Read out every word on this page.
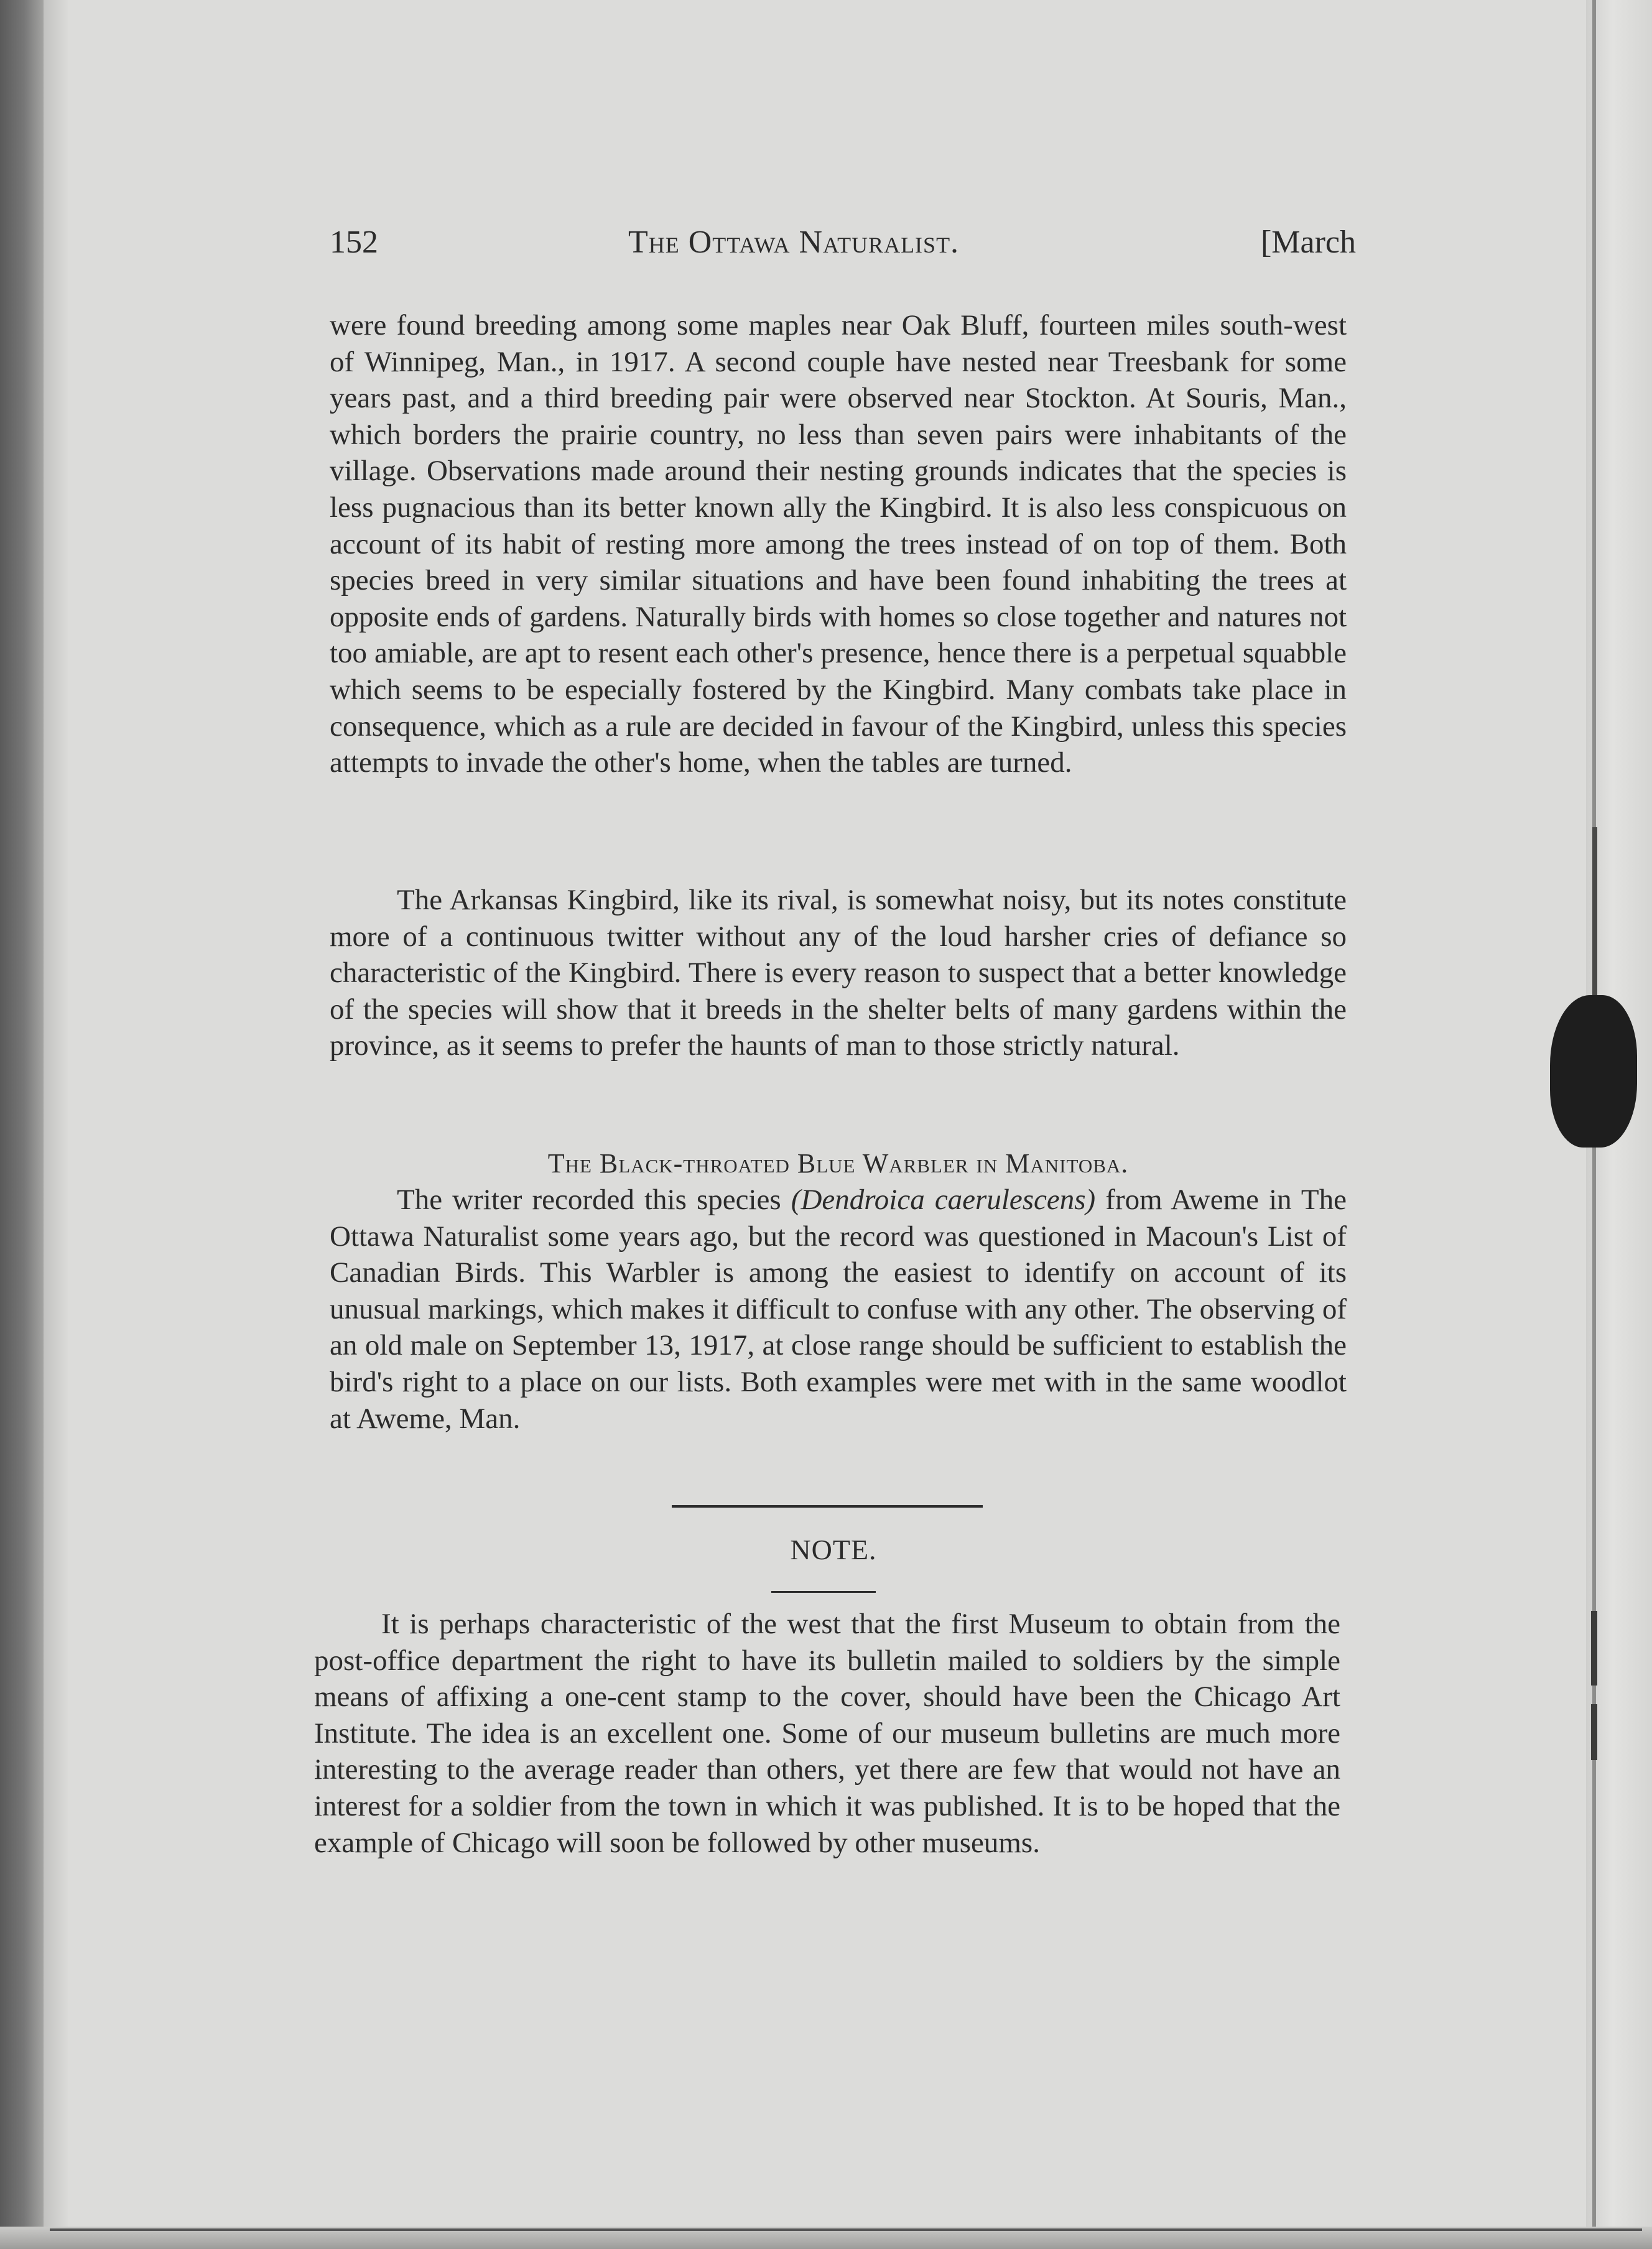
152	The Ottawa Naturalist.	[March

were found breeding among some maples near Oak Bluff, fourteen miles south-west of Winnipeg, Man., in 1917. A second couple have nested near Treesbank for some years past, and a third breeding pair were observed near Stockton. At Souris, Man., which borders the prairie country, no less than seven pairs were inhabitants of the village. Observations made around their nesting grounds indicates that the species is less pugnacious than its better known ally the Kingbird. It is also less conspicuous on account of its habit of resting more among the trees instead of on top of them. Both species breed in very similar situations and have been found inhabiting the trees at opposite ends of gardens. Naturally birds with homes so close together and natures not too amiable, are apt to resent each other's presence, hence there is a perpetual squabble which seems to be especially fostered by the Kingbird. Many combats take place in consequence, which as a rule are decided in favour of the Kingbird, unless this species attempts to invade the other's home, when the tables are turned.

The Arkansas Kingbird, like its rival, is somewhat noisy, but its notes constitute more of a continuous twitter without any of the loud harsher cries of defiance so characteristic of the Kingbird. There is every reason to suspect that a better knowledge of the species will show that it breeds in the shelter belts of many gardens within the province, as it seems to prefer the haunts of man to those strictly natural.

The Black-throated Blue Warbler in Manitoba.

The writer recorded this species (Dendroica caerulescens) from Aweme in The Ottawa Naturalist some years ago, but the record was questioned in Macoun's List of Canadian Birds. This Warbler is among the easiest to identify on account of its unusual markings, which makes it difficult to confuse with any other. The observing of an old male on September 13, 1917, at close range should be sufficient to establish the bird's right to a place on our lists. Both examples were met with in the same woodlot at Aweme, Man.

NOTE.

It is perhaps characteristic of the west that the first Museum to obtain from the post-office department the right to have its bulletin mailed to soldiers by the simple means of affixing a one-cent stamp to the cover, should have been the Chicago Art Institute. The idea is an excellent one. Some of our museum bulletins are much more interesting to the average reader than others, yet there are few that would not have an interest for a soldier from the town in which it was published. It is to be hoped that the example of Chicago will soon be followed by other museums.
